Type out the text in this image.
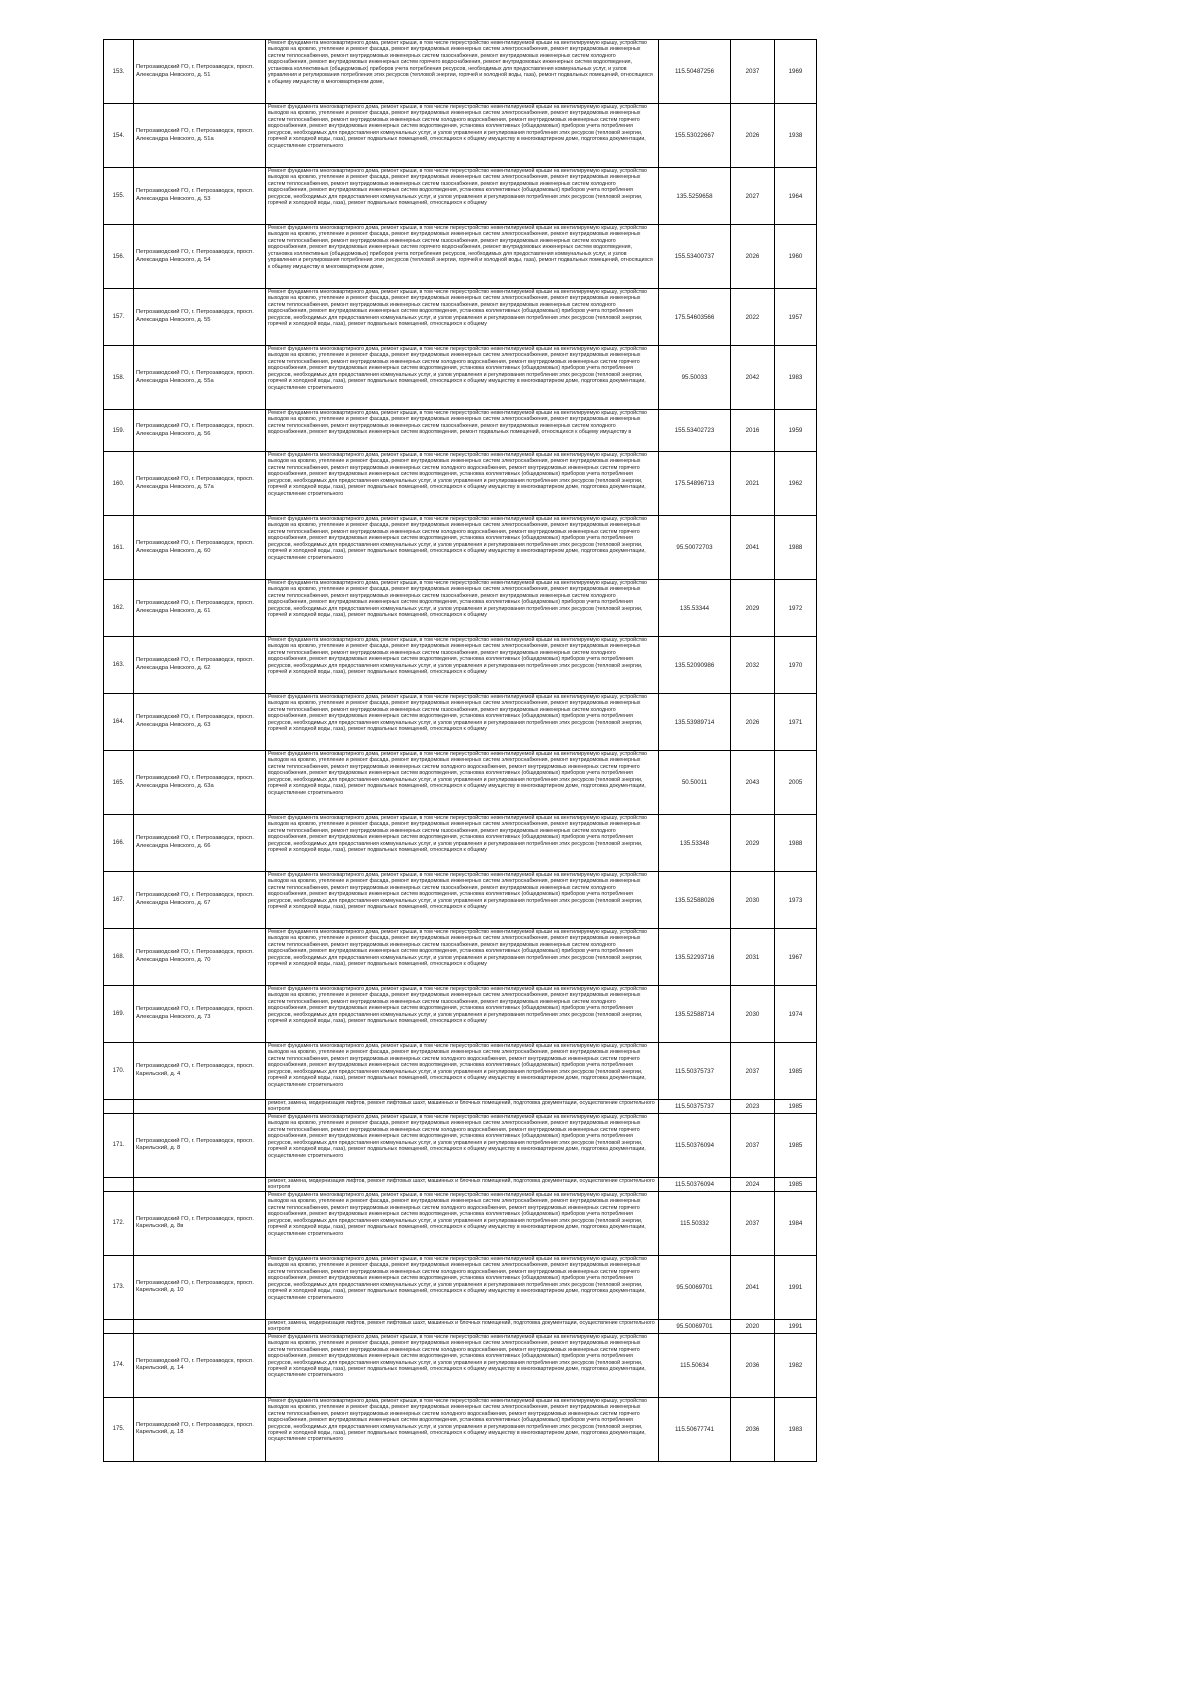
153.	Петрозаводский ГО, г. Петрозаводск, просп. Александра Невского, д. 51	Ремонт фундамента многоквартирного дома, ремонт крыши, в том числе переустройство невентилируемой крыши на вентилируемую крышу, устройство выходов на кровлю, утепление и ремонт фасада, ремонт внутридомовых инженерных систем электроснабжения, ремонт внутридомовых инженерных систем теплоснабжения, ремонт внутридомовых инженерных систем газоснабжения, ремонт внутридомовых инженерных систем холодного водоснабжения, ремонт внутридомовых инженерных систем горячего водоснабжения, ремонт внутридомовых инженерных систем водоотведения, установка коллективных (общедомовых) приборов учета потребления ресурсов, необходимых для предоставления коммунальных услуг, и узлов управления и регулирования потребления этих ресурсов (тепловой энергии, горячей и холодной воды, газа), ремонт подвальных помещений, относящихся к общему имуществу в многоквартирном доме,	115.50487256	2037	1969
154.	Петрозаводский ГО, г. Петрозаводск, просп. Александра Невского, д. 51а	Ремонт фундамента многоквартирного дома, ремонт крыши, в том числе переустройство невентилируемой крыши на вентилируемую крышу, устройство выходов на кровлю, утепление и ремонт фасада, ремонт внутридомовых инженерных систем электроснабжения, ремонт внутридомовых инженерных систем теплоснабжения, ремонт внутридомовых инженерных систем холодного водоснабжения, ремонт внутридомовых инженерных систем горячего водоснабжения, ремонт внутридомовых инженерных систем водоотведения, установка коллективных (общедомовых) приборов учета потребления ресурсов, необходимых для предоставления коммунальных услуг, и узлов управления и регулирования потребления этих ресурсов (тепловой энергии, горячей и холодной воды, газа), ремонт подвальных помещений, относящихся к общему имуществу в многоквартирном доме, подготовка документации, осуществление строительного	155.53022667	2026	1938
155.	Петрозаводский ГО, г. Петрозаводск, просп. Александра Невского, д. 53	Ремонт фундамента многоквартирного дома, ремонт крыши, в том числе переустройство невентилируемой крыши на вентилируемую крышу, устройство выходов на кровлю, утепление и ремонт фасада, ремонт внутридомовых инженерных систем электроснабжения, ремонт внутридомовых инженерных систем теплоснабжения, ремонт внутридомовых инженерных систем газоснабжения, ремонт внутридомовых инженерных систем холодного водоснабжения, ремонт внутридомовых инженерных систем водоотведения, установка коллективных (общедомовых) приборов учета потребления ресурсов, необходимых для предоставления коммунальных услуг, и узлов управления и регулирования потребления этих ресурсов (тепловой энергии, горячей и холодной воды, газа), ремонт подвальных помещений, относящихся к общему	135.5259658	2027	1964
156.	Петрозаводский ГО, г. Петрозаводск, просп. Александра Невского, д. 54	Ремонт фундамента многоквартирного дома, ремонт крыши, в том числе переустройство невентилируемой крыши на вентилируемую крышу, устройство выходов на кровлю, утепление и ремонт фасада, ремонт внутридомовых инженерных систем электроснабжения, ремонт внутридомовых инженерных систем теплоснабжения, ремонт внутридомовых инженерных систем газоснабжения, ремонт внутридомовых инженерных систем холодного водоснабжения, ремонт внутридомовых инженерных систем горячего водоснабжения, ремонт внутридомовых инженерных систем водоотведения, установка коллективных (общедомовых) приборов учета потребления ресурсов, необходимых для предоставления коммунальных услуг, и узлов управления и регулирования потребления этих ресурсов (тепловой энергии, горячей и холодной воды, газа), ремонт подвальных помещений, относящихся к общему имуществу в многоквартирном доме,	155.53400737	2026	1960
157.	Петрозаводский ГО, г. Петрозаводск, просп. Александра Невского, д. 55	Ремонт фундамента многоквартирного дома, ремонт крыши, в том числе переустройство невентилируемой крыши на вентилируемую крышу, устройство выходов на кровлю, утепление и ремонт фасада, ремонт внутридомовых инженерных систем электроснабжения, ремонт внутридомовых инженерных систем теплоснабжения, ремонт внутридомовых инженерных систем газоснабжения, ремонт внутридомовых инженерных систем холодного водоснабжения, ремонт внутридомовых инженерных систем водоотведения, установка коллективных (общедомовых) приборов учета потребления ресурсов, необходимых для предоставления коммунальных услуг, и узлов управления и регулирования потребления этих ресурсов (тепловой энергии, горячей и холодной воды, газа), ремонт подвальных помещений, относящихся к общему	175.54603566	2022	1957
158.	Петрозаводский ГО, г. Петрозаводск, просп. Александра Невского, д. 55а	Ремонт фундамента многоквартирного дома, ремонт крыши, в том числе переустройство невентилируемой крыши на вентилируемую крышу, устройство выходов на кровлю, утепление и ремонт фасада, ремонт внутридомовых инженерных систем электроснабжения, ремонт внутридомовых инженерных систем теплоснабжения, ремонт внутридомовых инженерных систем холодного водоснабжения, ремонт внутридомовых инженерных систем горячего водоснабжения, ремонт внутридомовых инженерных систем водоотведения, установка коллективных (общедомовых) приборов учета потребления ресурсов, необходимых для предоставления коммунальных услуг, и узлов управления и регулирования потребления этих ресурсов (тепловой энергии, горячей и холодной воды, газа), ремонт подвальных помещений, относящихся к общему имуществу в многоквартирном доме, подготовка документации, осуществление строительного	95.50033	2042	1983
159.	Петрозаводский ГО, г. Петрозаводск, просп. Александра Невского, д. 56	Ремонт фундамента многоквартирного дома, ремонт крыши, в том числе переустройство невентилируемой крыши на вентилируемую крышу, устройство выходов на кровлю, утепление и ремонт фасада, ремонт внутридомовых инженерных систем электроснабжения, ремонт внутридомовых инженерных систем теплоснабжения, ремонт внутридомовых инженерных систем газоснабжения, ремонт внутридомовых инженерных систем холодного водоснабжения, ремонт внутридомовых инженерных систем водоотведения, ремонт подвальных помещений, относящихся к общему имуществу в	155.53402723	2016	1959
160.	Петрозаводский ГО, г. Петрозаводск, просп. Александра Невского, д. 57а	Ремонт фундамента многоквартирного дома, ремонт крыши, в том числе переустройство невентилируемой крыши на вентилируемую крышу, устройство выходов на кровлю, утепление и ремонт фасада, ремонт внутридомовых инженерных систем электроснабжения, ремонт внутридомовых инженерных систем теплоснабжения, ремонт внутридомовых инженерных систем холодного водоснабжения, ремонт внутридомовых инженерных систем горячего водоснабжения, ремонт внутридомовых инженерных систем водоотведения, установка коллективных (общедомовых) приборов учета потребления ресурсов, необходимых для предоставления коммунальных услуг, и узлов управления и регулирования потребления этих ресурсов (тепловой энергии, горячей и холодной воды, газа), ремонт подвальных помещений, относящихся к общему имуществу в многоквартирном доме, подготовка документации, осуществление строительного	175.54896713	2021	1962
161.	Петрозаводский ГО, г. Петрозаводск, просп. Александра Невского, д. 60	Ремонт фундамента многоквартирного дома, ремонт крыши, в том числе переустройство невентилируемой крыши на вентилируемую крышу, устройство выходов на кровлю, утепление и ремонт фасада, ремонт внутридомовых инженерных систем электроснабжения, ремонт внутридомовых инженерных систем теплоснабжения, ремонт внутридомовых инженерных систем холодного водоснабжения, ремонт внутридомовых инженерных систем горячего водоснабжения, ремонт внутридомовых инженерных систем водоотведения, установка коллективных (общедомовых) приборов учета потребления ресурсов, необходимых для предоставления коммунальных услуг, и узлов управления и регулирования потребления этих ресурсов (тепловой энергии, горячей и холодной воды, газа), ремонт подвальных помещений, относящихся к общему имуществу в многоквартирном доме, подготовка документации, осуществление строительного	95.50072703	2041	1988
162.	Петрозаводский ГО, г. Петрозаводск, просп. Александра Невского, д. 61	Ремонт фундамента многоквартирного дома, ремонт крыши, в том числе переустройство невентилируемой крыши на вентилируемую крышу, устройство выходов на кровлю, утепление и ремонт фасада, ремонт внутридомовых инженерных систем электроснабжения, ремонт внутридомовых инженерных систем теплоснабжения, ремонт внутридомовых инженерных систем газоснабжения, ремонт внутридомовых инженерных систем холодного водоснабжения, ремонт внутридомовых инженерных систем водоотведения, установка коллективных (общедомовых) приборов учета потребления ресурсов, необходимых для предоставления коммунальных услуг, и узлов управления и регулирования потребления этих ресурсов (тепловой энергии, горячей и холодной воды, газа), ремонт подвальных помещений, относящихся к общему	135.53344	2029	1972
163.	Петрозаводский ГО, г. Петрозаводск, просп. Александра Невского, д. 62	Ремонт фундамента многоквартирного дома, ремонт крыши, в том числе переустройство невентилируемой крыши на вентилируемую крышу, устройство выходов на кровлю, утепление и ремонт фасада, ремонт внутридомовых инженерных систем электроснабжения, ремонт внутридомовых инженерных систем теплоснабжения, ремонт внутридомовых инженерных систем газоснабжения, ремонт внутридомовых инженерных систем холодного водоснабжения, ремонт внутридомовых инженерных систем водоотведения, установка коллективных (общедомовых) приборов учета потребления ресурсов, необходимых для предоставления коммунальных услуг, и узлов управления и регулирования потребления этих ресурсов (тепловой энергии, горячей и холодной воды, газа), ремонт подвальных помещений, относящихся к общему	135.52090986	2032	1970
164.	Петрозаводский ГО, г. Петрозаводск, просп. Александра Невского, д. 63	Ремонт фундамента многоквартирного дома, ремонт крыши, в том числе переустройство невентилируемой крыши на вентилируемую крышу, устройство выходов на кровлю, утепление и ремонт фасада, ремонт внутридомовых инженерных систем электроснабжения, ремонт внутридомовых инженерных систем теплоснабжения, ремонт внутридомовых инженерных систем газоснабжения, ремонт внутридомовых инженерных систем холодного водоснабжения, ремонт внутридомовых инженерных систем водоотведения, установка коллективных (общедомовых) приборов учета потребления ресурсов, необходимых для предоставления коммунальных услуг, и узлов управления и регулирования потребления этих ресурсов (тепловой энергии, горячей и холодной воды, газа), ремонт подвальных помещений, относящихся к общему	135.53989714	2026	1971
165.	Петрозаводский ГО, г. Петрозаводск, просп. Александра Невского, д. 63а	Ремонт фундамента многоквартирного дома, ремонт крыши, в том числе переустройство невентилируемой крыши на вентилируемую крышу, устройство выходов на кровлю, утепление и ремонт фасада, ремонт внутридомовых инженерных систем электроснабжения, ремонт внутридомовых инженерных систем теплоснабжения, ремонт внутридомовых инженерных систем холодного водоснабжения, ремонт внутридомовых инженерных систем горячего водоснабжения, ремонт внутридомовых инженерных систем водоотведения, установка коллективных (общедомовых) приборов учета потребления ресурсов, необходимых для предоставления коммунальных услуг, и узлов управления и регулирования потребления этих ресурсов (тепловой энергии, горячей и холодной воды, газа), ремонт подвальных помещений, относящихся к общему имуществу в многоквартирном доме, подготовка документации, осуществление строительного	50.50011	2043	2005
166.	Петрозаводский ГО, г. Петрозаводск, просп. Александра Невского, д. 66	Ремонт фундамента многоквартирного дома, ремонт крыши, в том числе переустройство невентилируемой крыши на вентилируемую крышу, устройство выходов на кровлю, утепление и ремонт фасада, ремонт внутридомовых инженерных систем электроснабжения, ремонт внутридомовых инженерных систем теплоснабжения, ремонт внутридомовых инженерных систем газоснабжения, ремонт внутридомовых инженерных систем холодного водоснабжения, ремонт внутридомовых инженерных систем водоотведения, установка коллективных (общедомовых) приборов учета потребления ресурсов, необходимых для предоставления коммунальных услуг, и узлов управления и регулирования потребления этих ресурсов (тепловой энергии, горячей и холодной воды, газа), ремонт подвальных помещений, относящихся к общему	135.53348	2029	1988
167.	Петрозаводский ГО, г. Петрозаводск, просп. Александра Невского, д. 67	Ремонт фундамента многоквартирного дома, ремонт крыши, в том числе переустройство невентилируемой крыши на вентилируемую крышу, устройство выходов на кровлю, утепление и ремонт фасада, ремонт внутридомовых инженерных систем электроснабжения, ремонт внутридомовых инженерных систем теплоснабжения, ремонт внутридомовых инженерных систем газоснабжения, ремонт внутридомовых инженерных систем холодного водоснабжения, ремонт внутридомовых инженерных систем водоотведения, установка коллективных (общедомовых) приборов учета потребления ресурсов, необходимых для предоставления коммунальных услуг, и узлов управления и регулирования потребления этих ресурсов (тепловой энергии, горячей и холодной воды, газа), ремонт подвальных помещений, относящихся к общему	135.52588026	2030	1973
168.	Петрозаводский ГО, г. Петрозаводск, просп. Александра Невского, д. 70	Ремонт фундамента многоквартирного дома, ремонт крыши, в том числе переустройство невентилируемой крыши на вентилируемую крышу, устройство выходов на кровлю, утепление и ремонт фасада, ремонт внутридомовых инженерных систем электроснабжения, ремонт внутридомовых инженерных систем теплоснабжения, ремонт внутридомовых инженерных систем газоснабжения, ремонт внутридомовых инженерных систем холодного водоснабжения, ремонт внутридомовых инженерных систем водоотведения, установка коллективных (общедомовых) приборов учета потребления ресурсов, необходимых для предоставления коммунальных услуг, и узлов управления и регулирования потребления этих ресурсов (тепловой энергии, горячей и холодной воды, газа), ремонт подвальных помещений, относящихся к общему	135.52293716	2031	1967
169.	Петрозаводский ГО, г. Петрозаводск, просп. Александра Невского, д. 73	Ремонт фундамента многоквартирного дома, ремонт крыши, в том числе переустройство невентилируемой крыши на вентилируемую крышу, устройство выходов на кровлю, утепление и ремонт фасада, ремонт внутридомовых инженерных систем электроснабжения, ремонт внутридомовых инженерных систем теплоснабжения, ремонт внутридомовых инженерных систем газоснабжения, ремонт внутридомовых инженерных систем холодного водоснабжения, ремонт внутридомовых инженерных систем водоотведения, установка коллективных (общедомовых) приборов учета потребления ресурсов, необходимых для предоставления коммунальных услуг, и узлов управления и регулирования потребления этих ресурсов (тепловой энергии, горячей и холодной воды, газа), ремонт подвальных помещений, относящихся к общему	135.52588714	2030	1974
170.	Петрозаводский ГО, г. Петрозаводск, просп. Карельский, д. 4	Ремонт фундамента многоквартирного дома, ремонт крыши, в том числе переустройство невентилируемой крыши на вентилируемую крышу, устройство выходов на кровлю, утепление и ремонт фасада, ремонт внутридомовых инженерных систем электроснабжения, ремонт внутридомовых инженерных систем теплоснабжения, ремонт внутридомовых инженерных систем холодного водоснабжения, ремонт внутридомовых инженерных систем горячего водоснабжения, ремонт внутридомовых инженерных систем водоотведения, установка коллективных (общедомовых) приборов учета потребления ресурсов, необходимых для предоставления коммунальных услуг, и узлов управления и регулирования потребления этих ресурсов (тепловой энергии, горячей и холодной воды, газа), ремонт подвальных помещений, относящихся к общему имуществу в многоквартирном доме, подготовка документации, осуществление строительного	115.50375737	2037	1985

		ремонт, замена, модернизация лифтов, ремонт лифтовых шахт, машинных и блочных помещений, подготовка документации, осуществление строительного контроля	115.50375737	2023	1985
171.	Петрозаводский ГО, г. Петрозаводск, просп. Карельский, д. 8	Ремонт фундамента многоквартирного дома, ремонт крыши, в том числе переустройство невентилируемой крыши на вентилируемую крышу, устройство выходов на кровлю, утепление и ремонт фасада, ремонт внутридомовых инженерных систем электроснабжения, ремонт внутридомовых инженерных систем теплоснабжения, ремонт внутридомовых инженерных систем холодного водоснабжения, ремонт внутридомовых инженерных систем горячего водоснабжения, ремонт внутридомовых инженерных систем водоотведения, установка коллективных (общедомовых) приборов учета потребления ресурсов, необходимых для предоставления коммунальных услуг, и узлов управления и регулирования потребления этих ресурсов (тепловой энергии, горячей и холодной воды, газа), ремонт подвальных помещений, относящихся к общему имуществу в многоквартирном доме, подготовка документации, осуществление строительного	115.50376094	2037	1985

		ремонт, замена, модернизация лифтов, ремонт лифтовых шахт, машинных и блочных помещений, подготовка документации, осуществление строительного контроля	115.50376094	2024	1985
172.	Петрозаводский ГО, г. Петрозаводск, просп. Карельский, д. 8в	Ремонт фундамента многоквартирного дома, ремонт крыши, в том числе переустройство невентилируемой крыши на вентилируемую крышу, устройство выходов на кровлю, утепление и ремонт фасада, ремонт внутридомовых инженерных систем электроснабжения, ремонт внутридомовых инженерных систем теплоснабжения, ремонт внутридомовых инженерных систем холодного водоснабжения, ремонт внутридомовых инженерных систем горячего водоснабжения, ремонт внутридомовых инженерных систем водоотведения, установка коллективных (общедомовых) приборов учета потребления ресурсов, необходимых для предоставления коммунальных услуг, и узлов управления и регулирования потребления этих ресурсов (тепловой энергии, горячей и холодной воды, газа), ремонт подвальных помещений, относящихся к общему имуществу в многоквартирном доме, подготовка документации, осуществление строительного	115.50332	2037	1984
173.	Петрозаводский ГО, г. Петрозаводск, просп. Карельский, д. 10	Ремонт фундамента многоквартирного дома, ремонт крыши, в том числе переустройство невентилируемой крыши на вентилируемую крышу, устройство выходов на кровлю, утепление и ремонт фасада, ремонт внутридомовых инженерных систем электроснабжения, ремонт внутридомовых инженерных систем теплоснабжения, ремонт внутридомовых инженерных систем холодного водоснабжения, ремонт внутридомовых инженерных систем горячего водоснабжения, ремонт внутридомовых инженерных систем водоотведения, установка коллективных (общедомовых) приборов учета потребления ресурсов, необходимых для предоставления коммунальных услуг, и узлов управления и регулирования потребления этих ресурсов (тепловой энергии, горячей и холодной воды, газа), ремонт подвальных помещений, относящихся к общему имуществу в многоквартирном доме, подготовка документации, осуществление строительного	95.50069701	2041	1991

		ремонт, замена, модернизация лифтов, ремонт лифтовых шахт, машинных и блочных помещений, подготовка документации, осуществление строительного контроля	95.50069701	2020	1991
174.	Петрозаводский ГО, г. Петрозаводск, просп. Карельский, д. 14	Ремонт фундамента многоквартирного дома, ремонт крыши, в том числе переустройство невентилируемой крыши на вентилируемую крышу, устройство выходов на кровлю, утепление и ремонт фасада, ремонт внутридомовых инженерных систем электроснабжения, ремонт внутридомовых инженерных систем теплоснабжения, ремонт внутридомовых инженерных систем холодного водоснабжения, ремонт внутридомовых инженерных систем горячего водоснабжения, ремонт внутридомовых инженерных систем водоотведения, установка коллективных (общедомовых) приборов учета потребления ресурсов, необходимых для предоставления коммунальных услуг, и узлов управления и регулирования потребления этих ресурсов (тепловой энергии, горячей и холодной воды, газа), ремонт подвальных помещений, относящихся к общему имуществу в многоквартирном доме, подготовка документации, осуществление строительного	115.50634	2036	1982
175.	Петрозаводский ГО, г. Петрозаводск, просп. Карельский, д. 18	Ремонт фундамента многоквартирного дома, ремонт крыши, в том числе переустройство невентилируемой крыши на вентилируемую крышу, устройство выходов на кровлю, утепление и ремонт фасада, ремонт внутридомовых инженерных систем электроснабжения, ремонт внутридомовых инженерных систем теплоснабжения, ремонт внутридомовых инженерных систем холодного водоснабжения, ремонт внутридомовых инженерных систем горячего водоснабжения, ремонт внутридомовых инженерных систем водоотведения, установка коллективных (общедомовых) приборов учета потребления ресурсов, необходимых для предоставления коммунальных услуг, и узлов управления и регулирования потребления этих ресурсов (тепловой энергии, горячей и холодной воды, газа), ремонт подвальных помещений, относящихся к общему имуществу в многоквартирном доме, подготовка документации, осуществление строительного	115.50677741	2036	1983
